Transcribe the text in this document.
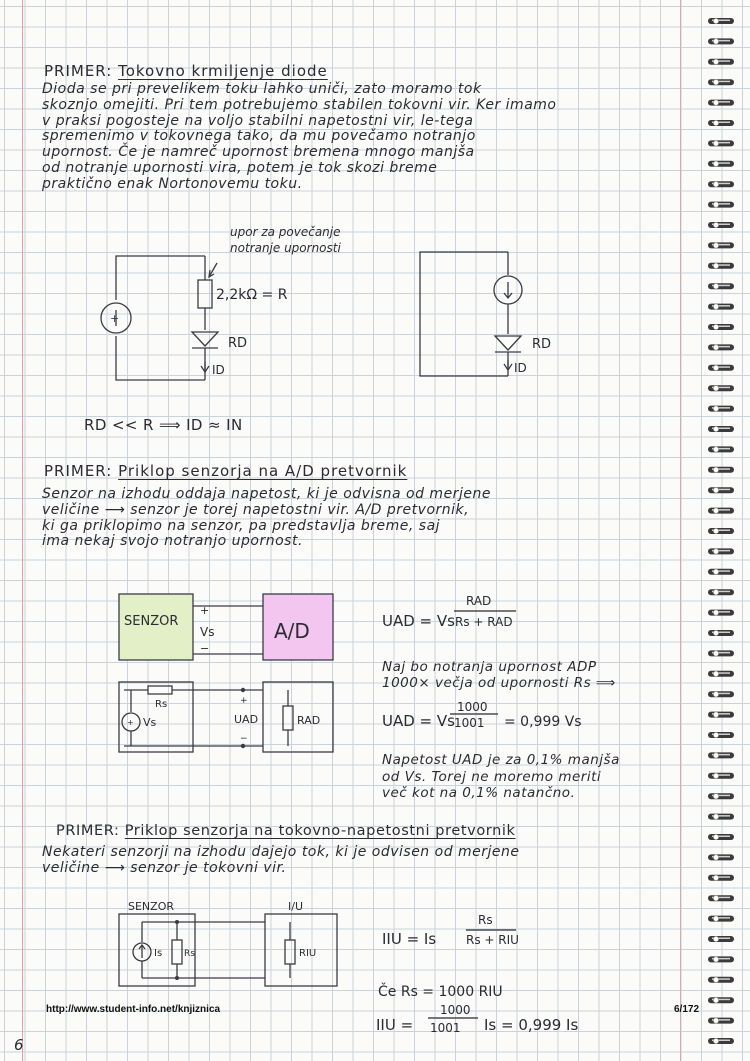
PRIMER: Tokovno krmiljenje diode
Dioda se pri prevelikem toku lahko uniči, zato moramo tok
skoznjo omejiti. Pri tem potrebujemo stabilen tokovni vir. Ker imamo
v praksi pogosteje na voljo stabilni napetostni vir, le-tega
spremenimo v tokovnega tako, da mu povečamo notranjo
upornost. Če je namreč upornost bremena mnogo manjša
od notranje upornosti vira, potem je tok skozi breme
praktično enak Nortonovemu toku.
+
upor za povečanje
notranje upornosti
2,2kΩ = R
RD
ID
RD
ID
RD << R ⟹ ID ≈ IN
PRIMER: Priklop senzorja na A/D pretvornik
Senzor na izhodu oddaja napetost, ki je odvisna od merjene
veličine ⟶ senzor je torej napetostni vir. A/D pretvornik,
ki ga priklopimo na senzor, pa predstavlja breme, saj
ima nekaj svojo notranjo upornost.
SENZOR	A/D
+
−
Vs
Rs
+ Vs	UAD	RAD
+
−
UAD = Vs
RAD
Rs + RAD
UAD = Vs
1000
1001 = 0,999 Vs
Naj bo notranja upornost ADP
1000× večja od upornosti Rs ⟹
Napetost UAD je za 0,1% manjša
od Vs. Torej ne moremo meriti
več kot na 0,1% natančno.
PRIMER: Priklop senzorja na tokovno-napetostni pretvornik
Nekateri senzorji na izhodu dajejo tok, ki je odvisen od merjene
veličine ⟶ senzor je tokovni vir.
SENZOR	I/U
Is Rs	RIU
IIU = Is
Rs
Rs + RIU
Če Rs = 1000 RIU
IIU =
1000
1001 Is = 0,999 Is
http://www.student-info.net/knjiznica	6/172
6
